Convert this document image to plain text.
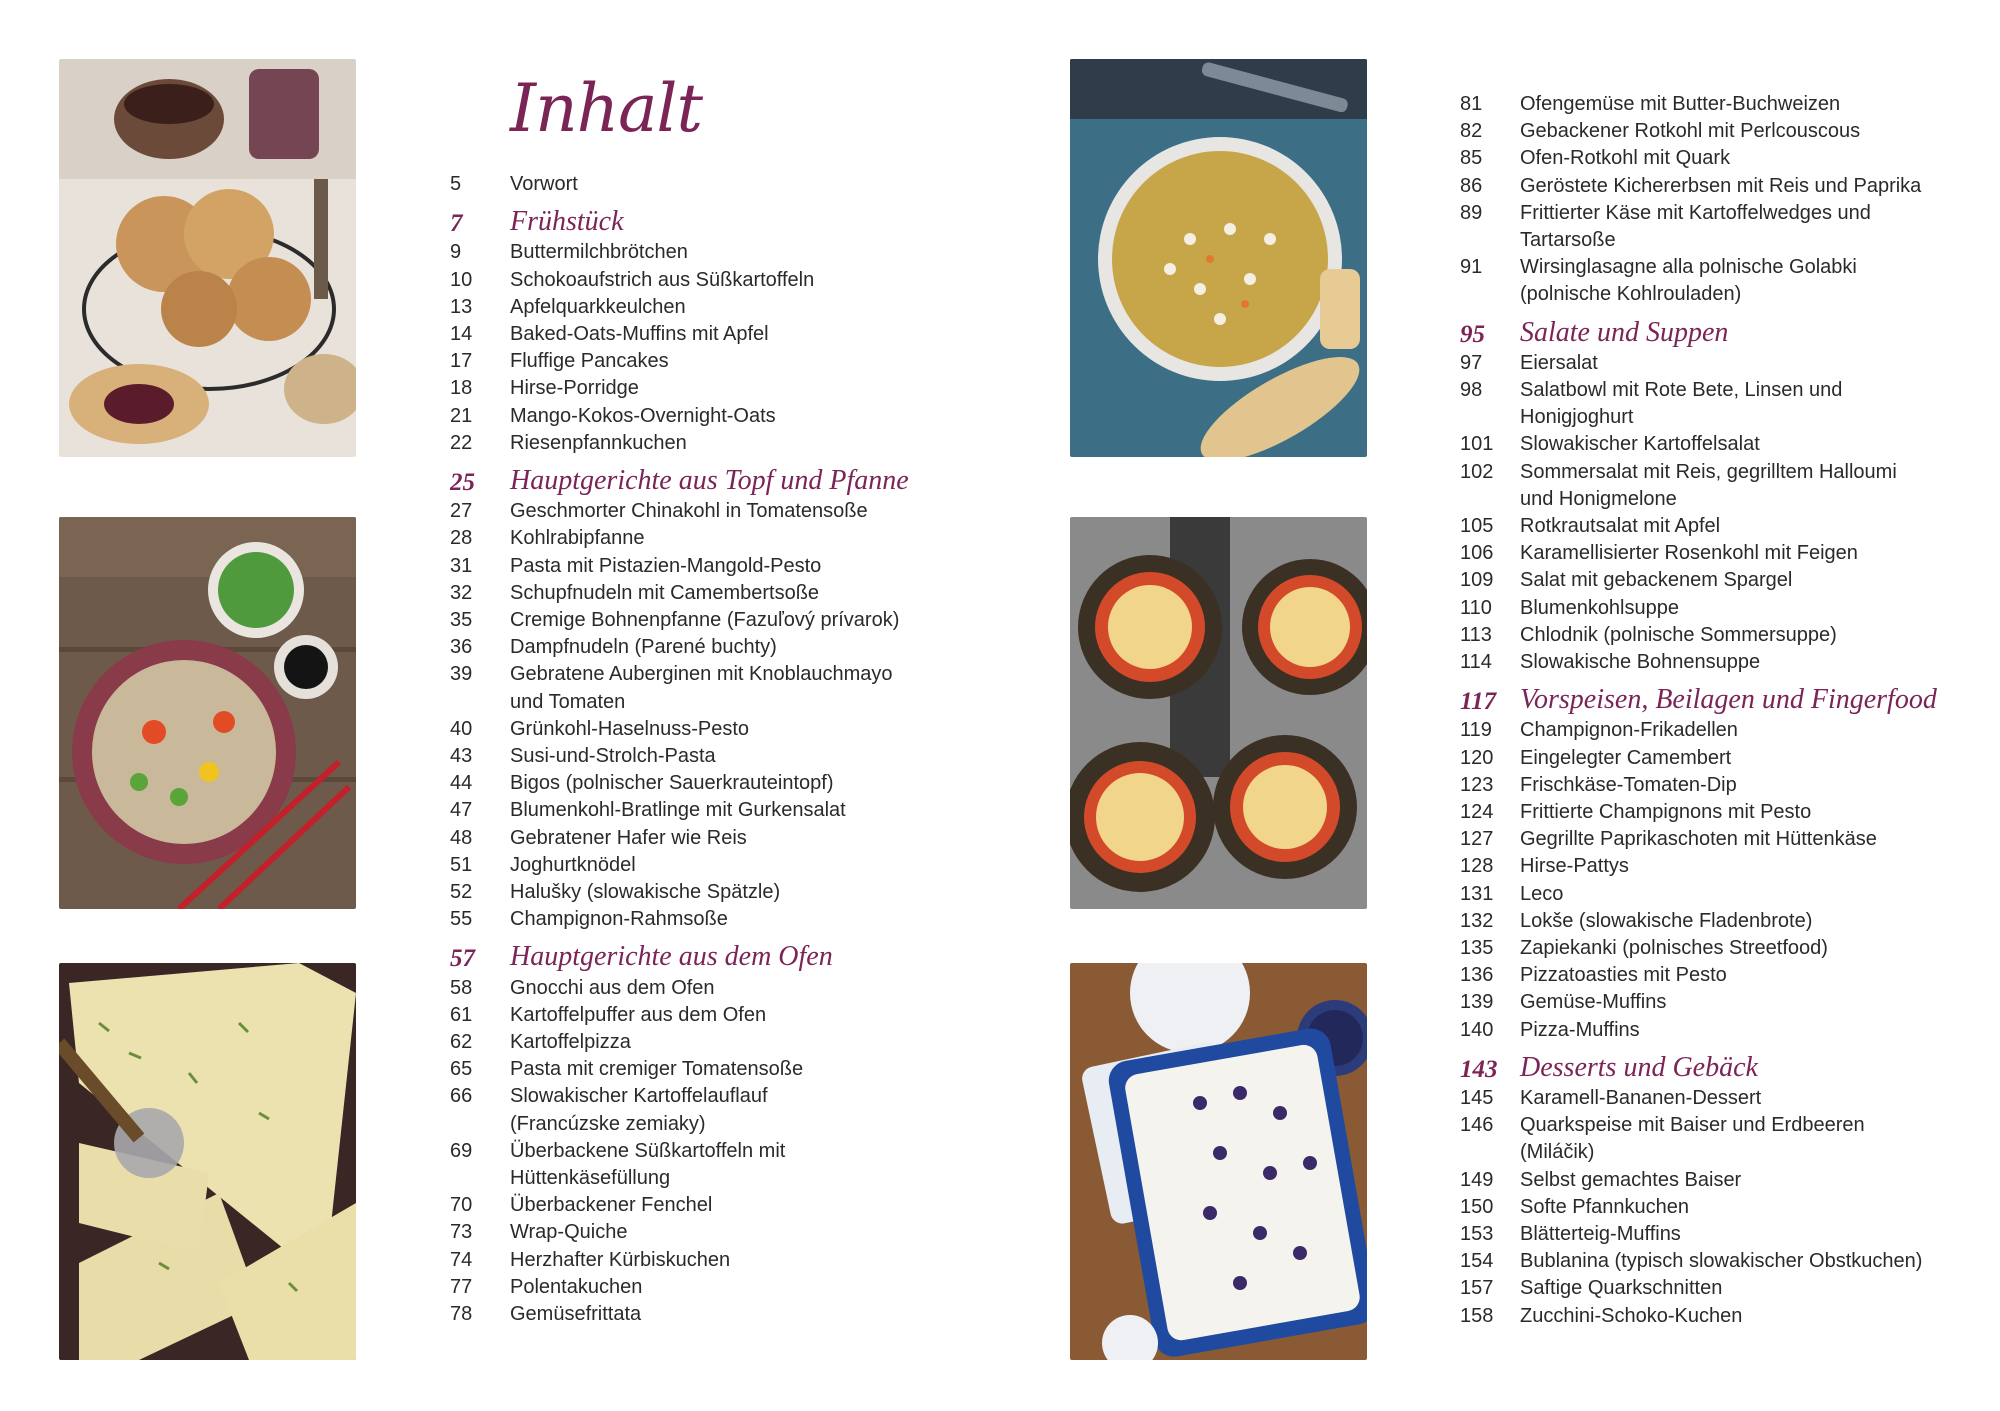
Inhalt
5 Vorwort
7 Frühstück
9 Buttermilchbrötchen
10 Schokoaufstrich aus Süßkartoffeln
13 Apfelquarkkeulchen
14 Baked-Oats-Muffins mit Apfel
17 Fluffige Pancakes
18 Hirse-Porridge
21 Mango-Kokos-Overnight-Oats
22 Riesenpfannkuchen
25 Hauptgerichte aus Topf und Pfanne
27 Geschmorter Chinakohl in Tomatensoße
28 Kohlrabipfanne
31 Pasta mit Pistazien-Mangold-Pesto
32 Schupfnudeln mit Camembertsoße
35 Cremige Bohnenpfanne (Fazuľový prívarok)
36 Dampfnudeln (Parené buchty)
39 Gebratene Auberginen mit Knoblauchmayo
und Tomaten
40 Grünkohl-Haselnuss-Pesto
43 Susi-und-Strolch-Pasta
44 Bigos (polnischer Sauerkrauteintopf)
47 Blumenkohl-Bratlinge mit Gurkensalat
48 Gebratener Hafer wie Reis
51 Joghurtknödel
52 Halušky (slowakische Spätzle)
55 Champignon-Rahmsoße
57 Hauptgerichte aus dem Ofen
58 Gnocchi aus dem Ofen
61 Kartoffelpuffer aus dem Ofen
62 Kartoffelpizza
65 Pasta mit cremiger Tomatensoße
66 Slowakischer Kartoffelauflauf
(Francúzske zemiaky)
69 Überbackene Süßkartoffeln mit
Hüttenkäsefüllung
70 Überbackener Fenchel
73 Wrap-Quiche
74 Herzhafter Kürbiskuchen
77 Polentakuchen
78 Gemüsefrittata
81 Ofengemüse mit Butter-Buchweizen
82 Gebackener Rotkohl mit Perlcouscous
85 Ofen-Rotkohl mit Quark
86 Geröstete Kichererbsen mit Reis und Paprika
89 Frittierter Käse mit Kartoffelwedges und
Tartarsoße
91 Wirsinglasagne alla polnische Golabki
(polnische Kohlrouladen)
95 Salate und Suppen
97 Eiersalat
98 Salatbowl mit Rote Bete, Linsen und
Honigjoghurt
101 Slowakischer Kartoffelsalat
102 Sommersalat mit Reis, gegrilltem Halloumi
und Honigmelone
105 Rotkrautsalat mit Apfel
106 Karamellisierter Rosenkohl mit Feigen
109 Salat mit gebackenem Spargel
110 Blumenkohlsuppe
113 Chlodnik (polnische Sommersuppe)
114 Slowakische Bohnensuppe
117 Vorspeisen, Beilagen und Fingerfood
119 Champignon-Frikadellen
120 Eingelegter Camembert
123 Frischkäse-Tomaten-Dip
124 Frittierte Champignons mit Pesto
127 Gegrillte Paprikaschoten mit Hüttenkäse
128 Hirse-Pattys
131 Leco
132 Lokše (slowakische Fladenbrote)
135 Zapiekanki (polnisches Streetfood)
136 Pizzatoasties mit Pesto
139 Gemüse-Muffins
140 Pizza-Muffins
143 Desserts und Gebäck
145 Karamell-Bananen-Dessert
146 Quarkspeise mit Baiser und Erdbeeren
(Miláčik)
149 Selbst gemachtes Baiser
150 Softe Pfannkuchen
153 Blätterteig-Muffins
154 Bublanina (typisch slowakischer Obstkuchen)
157 Saftige Quarkschnitten
158 Zucchini-Schoko-Kuchen
